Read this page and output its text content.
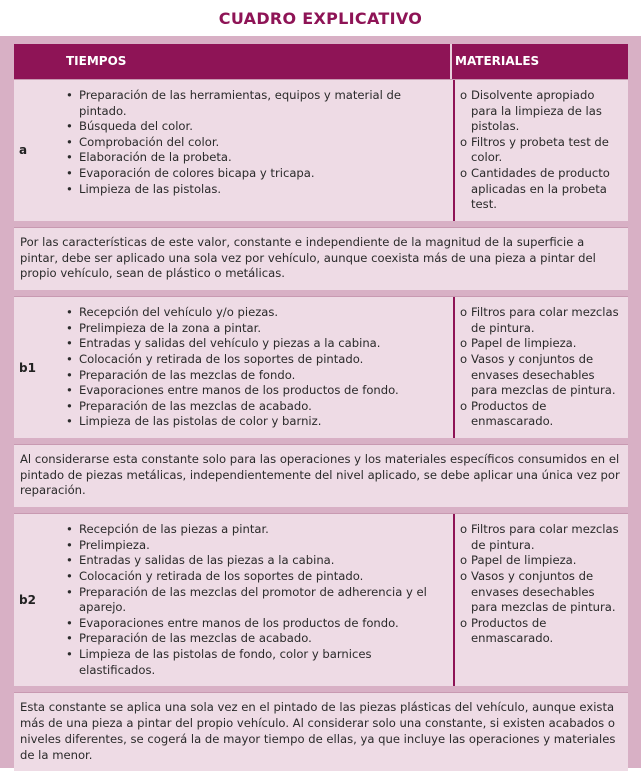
CUADRO EXPLICATIVO
TIEMPOS	MATERIALES
a
• Preparación de las herramientas, equipos y material de pintado.
• Búsqueda del color.
• Comprobación del color.
• Elaboración de la probeta.
• Evaporación de colores bicapa y tricapa.
• Limpieza de las pistolas.
o Disolvente apropiado para la limpieza de las pistolas.
o Filtros y probeta test de color.
o Cantidades de producto aplicadas en la probeta test.
Por las características de este valor, constante e independiente de la magnitud de la superficie a pintar, debe ser aplicado una sola vez por vehículo, aunque coexista más de una pieza a pintar del propio vehículo, sean de plástico o metálicas.
b1
• Recepción del vehículo y/o piezas.
• Prelimpieza de la zona a pintar.
• Entradas y salidas del vehículo y piezas a la cabina.
• Colocación y retirada de los soportes de pintado.
• Preparación de las mezclas de fondo.
• Evaporaciones entre manos de los productos de fondo.
• Preparación de las mezclas de acabado.
• Limpieza de las pistolas de color y barniz.
o Filtros para colar mezclas de pintura.
o Papel de limpieza.
o Vasos y conjuntos de envases desechables para mezclas de pintura.
o Productos de enmascarado.
Al considerarse esta constante solo para las operaciones y los materiales específicos consumidos en el pintado de piezas metálicas, independientemente del nivel aplicado, se debe aplicar una única vez por reparación.
b2
• Recepción de las piezas a pintar.
• Prelimpieza.
• Entradas y salidas de las piezas a la cabina.
• Colocación y retirada de los soportes de pintado.
• Preparación de las mezclas del promotor de adherencia y el aparejo.
• Evaporaciones entre manos de los productos de fondo.
• Preparación de las mezclas de acabado.
• Limpieza de las pistolas de fondo, color y barnices elastificados.
o Filtros para colar mezclas de pintura.
o Papel de limpieza.
o Vasos y conjuntos de envases desechables para mezclas de pintura.
o Productos de enmascarado.
Esta constante se aplica una sola vez en el pintado de las piezas plásticas del vehículo, aunque exista más de una pieza a pintar del propio vehículo. Al considerar solo una constante, si existen acabados o niveles diferentes, se cogerá la de mayor tiempo de ellas, ya que incluye las operaciones y materiales de la menor.
